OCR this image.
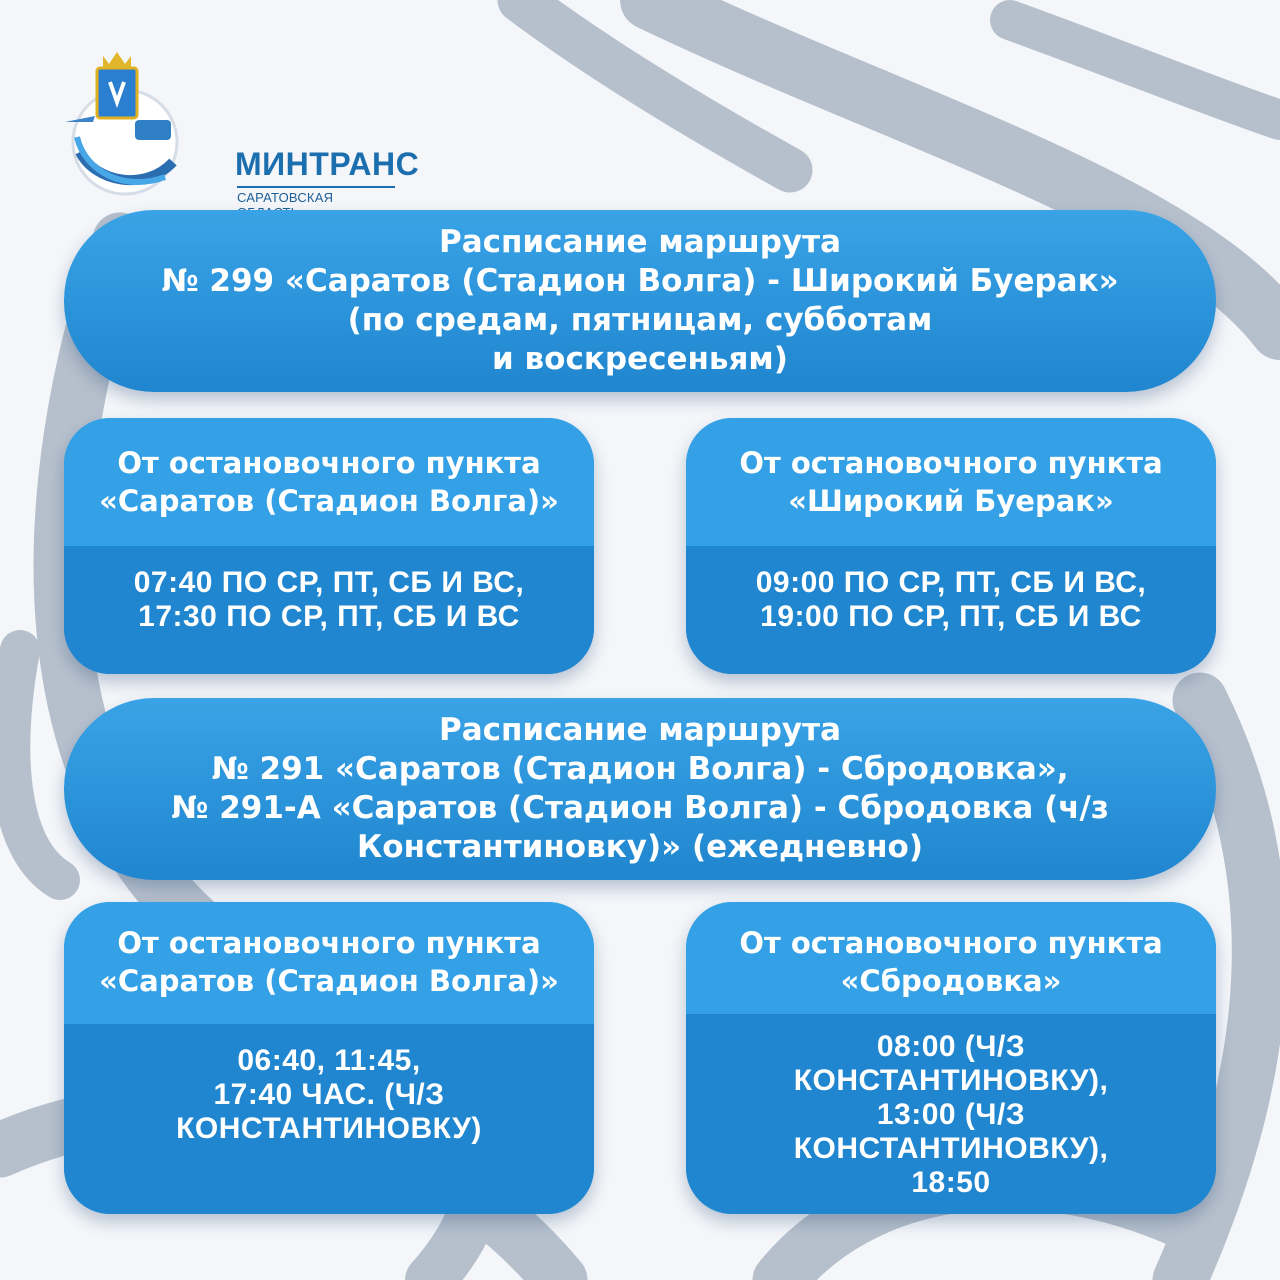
МИНТРАНС
САРАТОВСКАЯ
Расписание маршрута
№ 299 «Саратов (Стадион Волга) - Широкий Буерак»
(по средам, пятницам, субботам
и воскресеньям)
От остановочного пункта
«Саратов (Стадион Волга)»
07:40 ПО СР, ПТ, СБ И ВС,
17:30 ПО СР, ПТ, СБ И ВС
От остановочного пункта
«Широкий Буерак»
09:00 ПО СР, ПТ, СБ И ВС,
19:00 ПО СР, ПТ, СБ И ВС
Расписание маршрута
№ 291 «Саратов (Стадион Волга) - Сбродовка»,
№ 291-А «Саратов (Стадион Волга) - Сбродовка (ч/з
Константиновку)» (ежедневно)
От остановочного пункта
«Саратов (Стадион Волга)»
06:40, 11:45,
17:40 ЧАС. (Ч/З
КОНСТАНТИНОВКУ)
От остановочного пункта
«Сбродовка»
08:00 (Ч/З
КОНСТАНТИНОВКУ),
13:00 (Ч/З
КОНСТАНТИНОВКУ),
18:50
